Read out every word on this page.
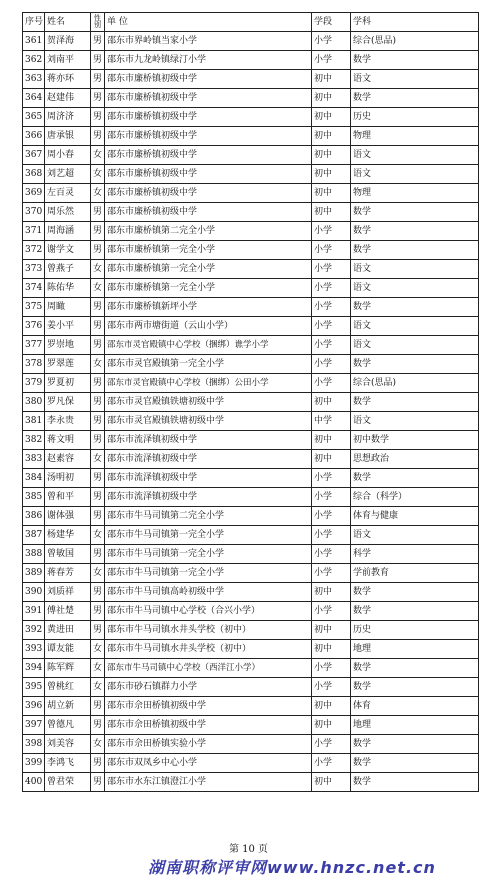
序号	姓名	性别	单 位	学段	学科
361	贺泽海	男	邵东市界岭镇当家小学	小学	综合(思品)
362	刘南平	男	邵东市九龙岭镇绿汀小学	小学	数学
363	蒋亦环	男	邵东市廉桥镇初级中学	初中	语文
364	赵建伟	男	邵东市廉桥镇初级中学	初中	数学
365	周济济	男	邵东市廉桥镇初级中学	初中	历史
366	唐承银	男	邵东市廉桥镇初级中学	初中	物理
367	周小春	女	邵东市廉桥镇初级中学	初中	语文
368	刘艺超	女	邵东市廉桥镇初级中学	初中	语文
369	左百灵	女	邵东市廉桥镇初级中学	初中	物理
370	周乐然	男	邵东市廉桥镇初级中学	初中	数学
371	周海涵	男	邵东市廉桥镇第二完全小学	小学	数学
372	谢学文	男	邵东市廉桥镇第一完全小学	小学	数学
373	曾燕子	女	邵东市廉桥镇第一完全小学	小学	语文
374	陈佑华	女	邵东市廉桥镇第一完全小学	小学	语文
375	周瞰	男	邵东市廉桥镇新坪小学	小学	数学
376	姜小平	男	邵东市两市塘街道（云山小学）	小学	语文
377	罗崇地	男	邵东市灵官殿镇中心学校（捆绑）谯学小学	小学	语文
378	罗翠莲	女	邵东市灵官殿镇第一完全小学	小学	数学
379	罗夏初	男	邵东市灵官殿镇中心学校（捆绑）公田小学	小学	综合(思品)
380	罗凡保	男	邵东市灵官殿镇铁塘初级中学	初中	数学
381	李永贵	男	邵东市灵官殿镇铁塘初级中学	中学	语文
382	蒋文明	男	邵东市流泽镇初级中学	初中	初中数学
383	赵素容	女	邵东市流泽镇初级中学	初中	思想政治
384	汤明初	男	邵东市流泽镇初级中学	小学	数学
385	曾和平	男	邵东市流泽镇初级中学	小学	综合（科学）
386	谢体强	男	邵东市牛马司镇第二完全小学	小学	体育与健康
387	杨建华	女	邵东市牛马司镇第一完全小学	小学	语文
388	曾敏国	男	邵东市牛马司镇第一完全小学	小学	科学
389	蒋春芳	女	邵东市牛马司镇第一完全小学	小学	学前教育
390	刘质祥	男	邵东市牛马司镇高岭初级中学	初中	数学
391	傅社楚	男	邵东市牛马司镇中心学校（合兴小学）	小学	数学
392	黄进田	男	邵东市牛马司镇水井头学校（初中）	初中	历史
393	谭友能	女	邵东市牛马司镇水井头学校（初中）	初中	地理
394	陈军辉	女	邵东市牛马司镇中心学校（西洋江小学）	小学	数学
395	曾桃红	女	邵东市砂石镇群力小学	小学	数学
396	胡立新	男	邵东市佘田桥镇初级中学	初中	体育
397	曾德凡	男	邵东市佘田桥镇初级中学	初中	地理
398	刘美容	女	邵东市佘田桥镇实验小学	小学	数学
399	李鸿飞	男	邵东市双凤乡中心小学	小学	数学
400	曾君荣	男	邵东市水东江镇澄江小学	初中	数学
第 10 页
湖南职称评审网www.hnzc.net.cn
